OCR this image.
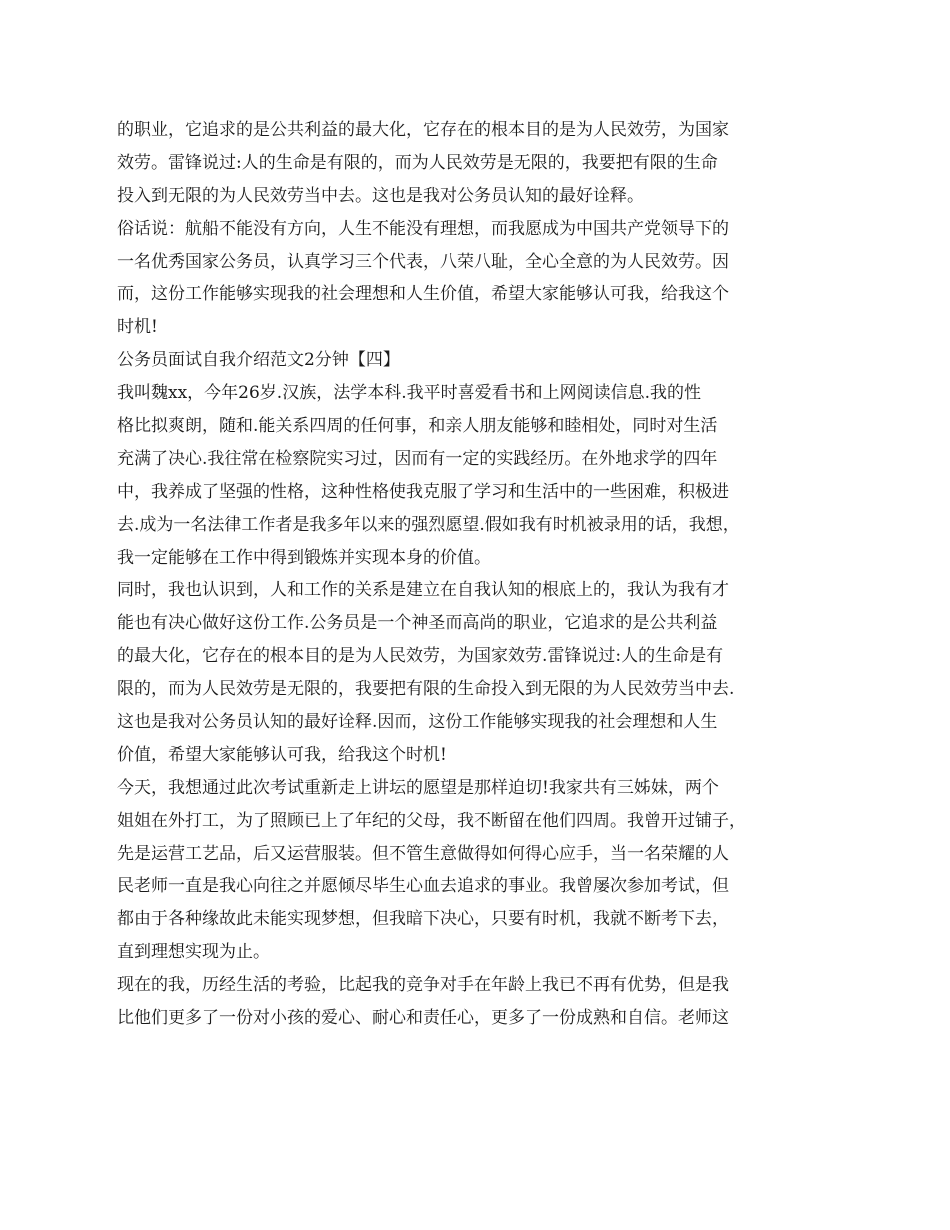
的职业，它追求的是公共利益的最大化，它存在的根本目的是为人民效劳，为国家
效劳。雷锋说过:人的生命是有限的，而为人民效劳是无限的，我要把有限的生命
投入到无限的为人民效劳当中去。这也是我对公务员认知的最好诠释。
俗话说：航船不能没有方向，人生不能没有理想，而我愿成为中国共产党领导下的
一名优秀国家公务员，认真学习三个代表，八荣八耻，全心全意的为人民效劳。因
而，这份工作能够实现我的社会理想和人生价值，希望大家能够认可我，给我这个
时机!
公务员面试自我介绍范文2分钟【四】
我叫魏xx，今年26岁.汉族，法学本科.我平时喜爱看书和上网阅读信息.我的性
格比拟爽朗，随和.能关系四周的任何事，和亲人朋友能够和睦相处，同时对生活
充满了决心.我往常在检察院实习过，因而有一定的实践经历。在外地求学的四年
中，我养成了坚强的性格，这种性格使我克服了学习和生活中的一些困难，积极进
去.成为一名法律工作者是我多年以来的强烈愿望.假如我有时机被录用的话，我想，
我一定能够在工作中得到锻炼并实现本身的价值。
同时，我也认识到，人和工作的关系是建立在自我认知的根底上的，我认为我有才
能也有决心做好这份工作.公务员是一个神圣而高尚的职业，它追求的是公共利益
的最大化，它存在的根本目的是为人民效劳，为国家效劳.雷锋说过:人的生命是有
限的，而为人民效劳是无限的，我要把有限的生命投入到无限的为人民效劳当中去.
这也是我对公务员认知的最好诠释.因而，这份工作能够实现我的社会理想和人生
价值，希望大家能够认可我，给我这个时机!
今天，我想通过此次考试重新走上讲坛的愿望是那样迫切!我家共有三姊妹，两个
姐姐在外打工，为了照顾已上了年纪的父母，我不断留在他们四周。我曾开过铺子，
先是运营工艺品，后又运营服装。但不管生意做得如何得心应手，当一名荣耀的人
民老师一直是我心向往之并愿倾尽毕生心血去追求的事业。我曾屡次参加考试，但
都由于各种缘故此未能实现梦想，但我暗下决心，只要有时机，我就不断考下去，
直到理想实现为止。
现在的我，历经生活的考验，比起我的竞争对手在年龄上我已不再有优势，但是我
比他们更多了一份对小孩的爱心、耐心和责任心，更多了一份成熟和自信。老师这
